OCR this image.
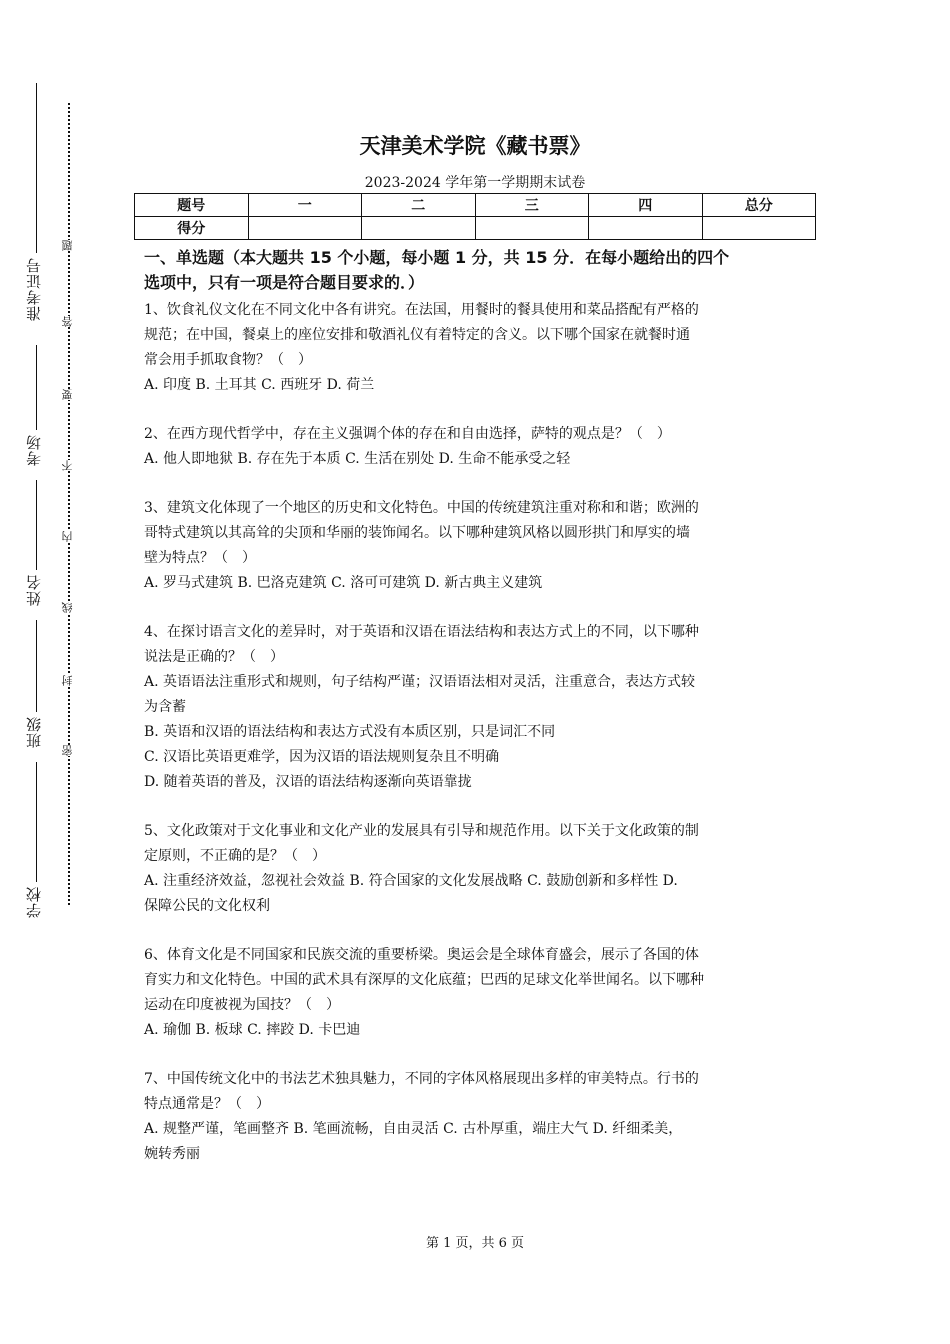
准考证号
考场
姓名
班级
学校
题
答
要
不
内
线
封
密
天津美术学院《藏书票》
2023-2024 学年第一学期期末试卷
题号	一	二	三	四	总分
得分					
一、单选题（本大题共 15 个小题，每小题 1 分，共 15 分．在每小题给出的四个
选项中，只有一项是符合题目要求的．）
1、饮食礼仪文化在不同文化中各有讲究。在法国，用餐时的餐具使用和菜品搭配有严格的
规范；在中国，餐桌上的座位安排和敬酒礼仪有着特定的含义。以下哪个国家在就餐时通
常会用手抓取食物？（　）
A. 印度 B. 土耳其 C. 西班牙 D. 荷兰
2、在西方现代哲学中，存在主义强调个体的存在和自由选择，萨特的观点是？（　）
A. 他人即地狱 B. 存在先于本质 C. 生活在别处 D. 生命不能承受之轻
3、建筑文化体现了一个地区的历史和文化特色。中国的传统建筑注重对称和和谐；欧洲的
哥特式建筑以其高耸的尖顶和华丽的装饰闻名。以下哪种建筑风格以圆形拱门和厚实的墙
壁为特点？（　）
A. 罗马式建筑 B. 巴洛克建筑 C. 洛可可建筑 D. 新古典主义建筑
4、在探讨语言文化的差异时，对于英语和汉语在语法结构和表达方式上的不同，以下哪种
说法是正确的？（　）
A. 英语语法注重形式和规则，句子结构严谨；汉语语法相对灵活，注重意合，表达方式较
为含蓄
B. 英语和汉语的语法结构和表达方式没有本质区别，只是词汇不同
C. 汉语比英语更难学，因为汉语的语法规则复杂且不明确
D. 随着英语的普及，汉语的语法结构逐渐向英语靠拢
5、文化政策对于文化事业和文化产业的发展具有引导和规范作用。以下关于文化政策的制
定原则，不正确的是？（　）
A. 注重经济效益，忽视社会效益 B. 符合国家的文化发展战略 C. 鼓励创新和多样性 D.
保障公民的文化权利
6、体育文化是不同国家和民族交流的重要桥梁。奥运会是全球体育盛会，展示了各国的体
育实力和文化特色。中国的武术具有深厚的文化底蕴；巴西的足球文化举世闻名。以下哪种
运动在印度被视为国技？（　）
A. 瑜伽 B. 板球 C. 摔跤 D. 卡巴迪
7、中国传统文化中的书法艺术独具魅力，不同的字体风格展现出多样的审美特点。行书的
特点通常是？（　）
A. 规整严谨，笔画整齐 B. 笔画流畅，自由灵活 C. 古朴厚重，端庄大气 D. 纤细柔美，
婉转秀丽
第 1 页，共 6 页
